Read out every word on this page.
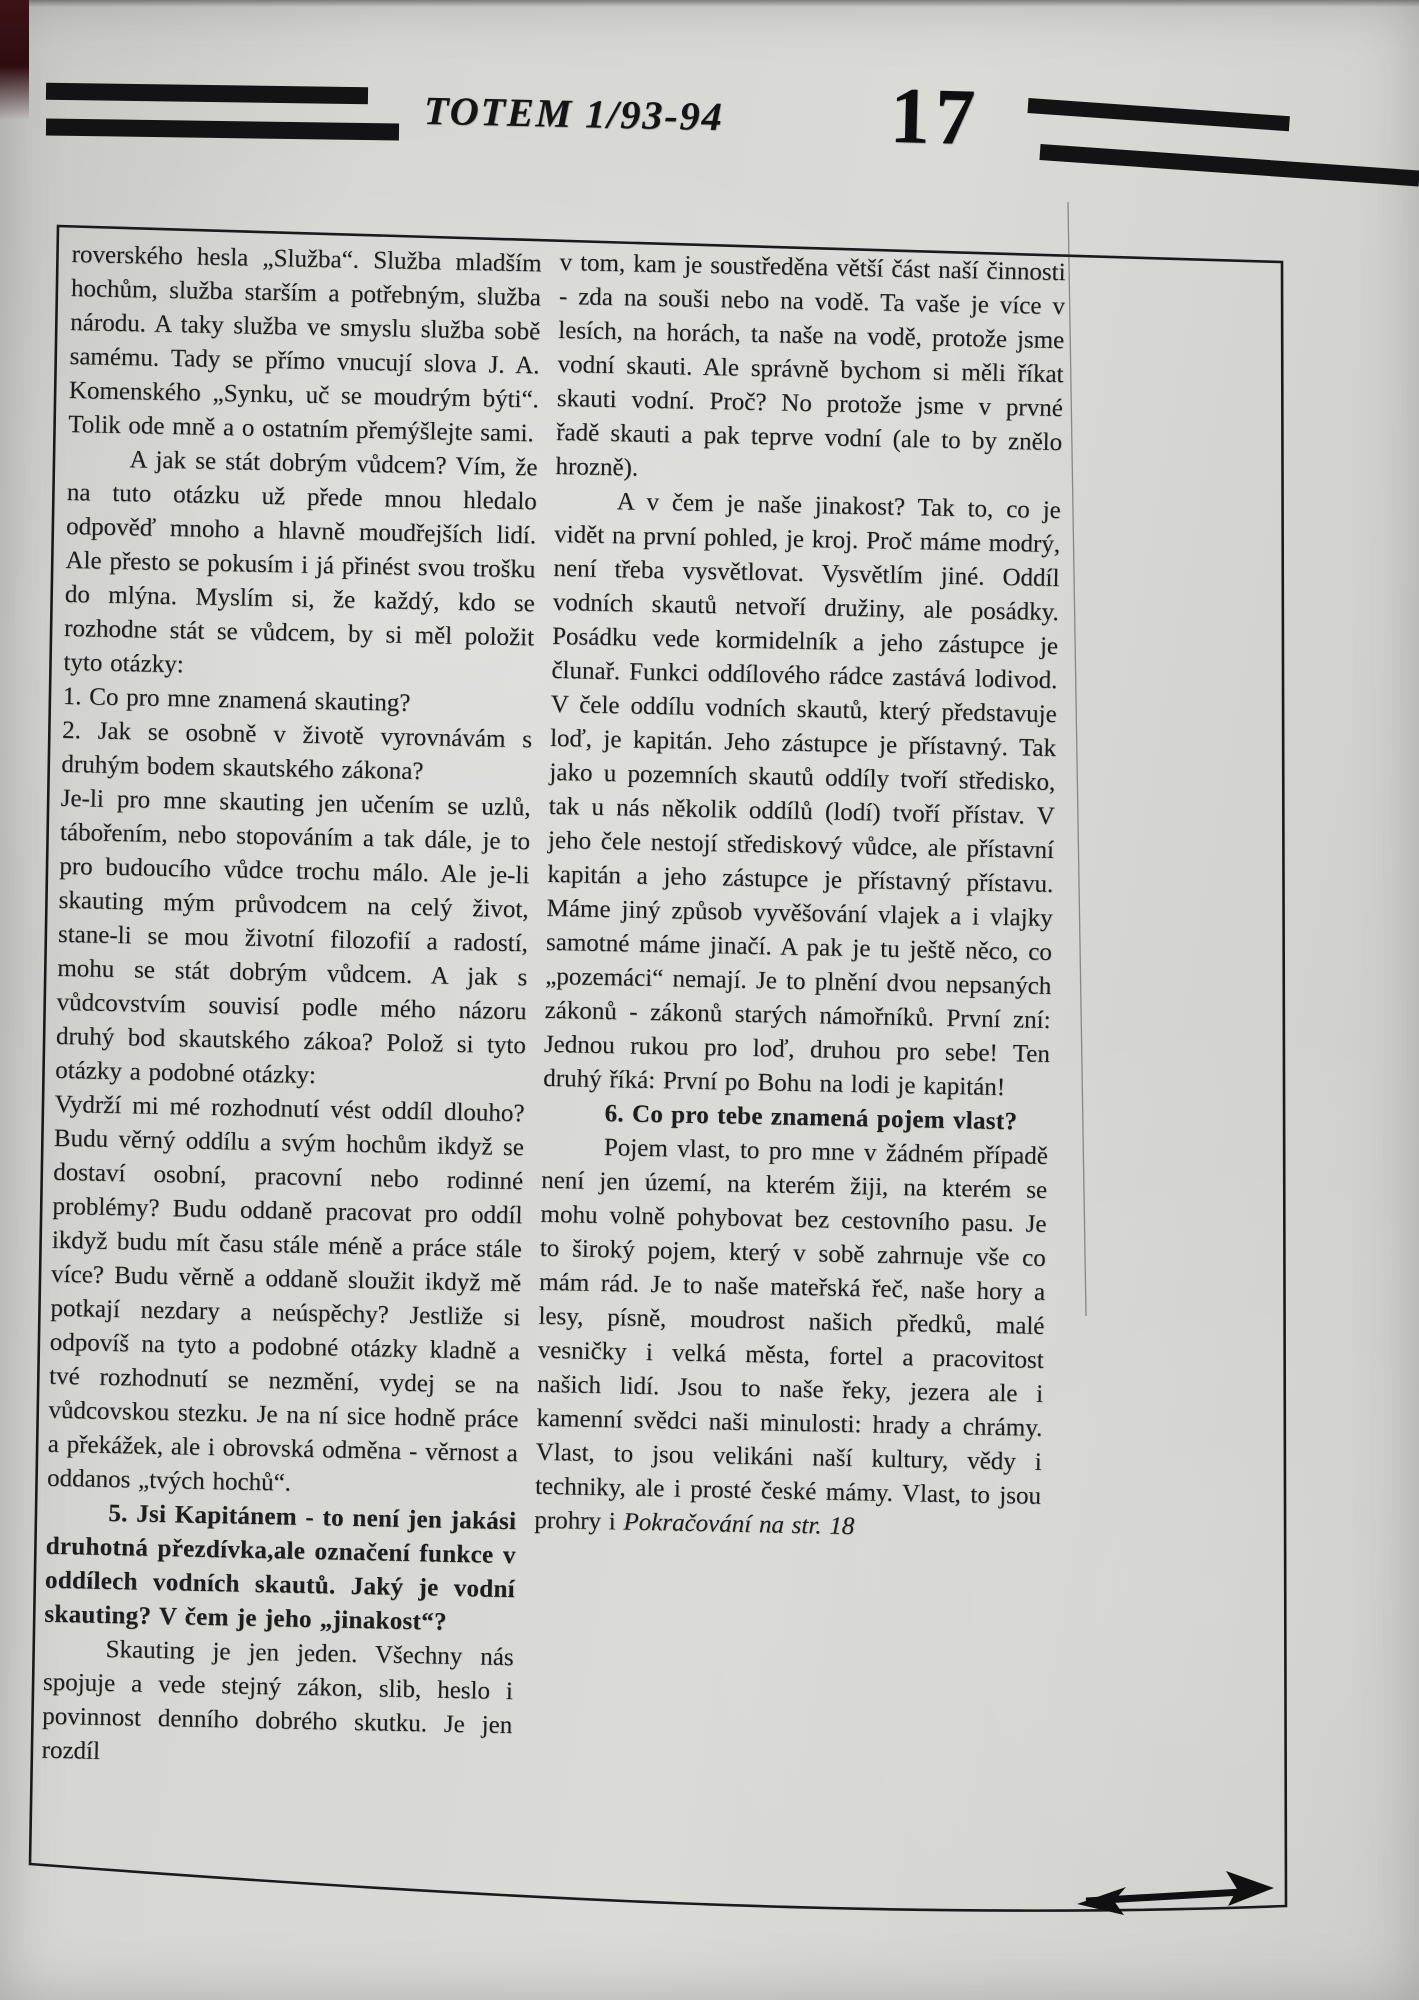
TOTEM 1/93-94 17

roverského hesla „Služba“. Služba mladším hochům, služba starším a potřebným, služba národu. A taky služba ve smyslu služba sobě samému. Tady se přímo vnucují slova J. A. Komenského „Synku, uč se moudrým býti“. Tolik ode mně a o ostatním přemýšlejte sami.

A jak se stát dobrým vůdcem? Vím, že na tuto otázku už přede mnou hledalo odpověď mnoho a hlavně moudřejších lidí. Ale přesto se pokusím i já přinést svou trošku do mlýna. Myslím si, že každý, kdo se rozhodne stát se vůdcem, by si měl položit tyto otázky:

1. Co pro mne znamená skauting?

2. Jak se osobně v životě vyrovnávám s druhým bodem skautského zákona?

Je-li pro mne skauting jen učením se uzlů, tábořením, nebo stopováním a tak dále, je to pro budoucího vůdce trochu málo. Ale je-li skauting mým průvodcem na celý život, stane-li se mou životní filozofií a radostí, mohu se stát dobrým vůdcem. A jak s vůdcovstvím souvisí podle mého názoru druhý bod skautského zákoa? Polož si tyto otázky a podobné otázky:

Vydrží mi mé rozhodnutí vést oddíl dlouho? Budu věrný oddílu a svým hochům ikdyž se dostaví osobní, pracovní nebo rodinné problémy? Budu oddaně pracovat pro oddíl ikdyž budu mít času stále méně a práce stále více? Budu věrně a oddaně sloužit ikdyž mě potkají nezdary a neúspěchy? Jestliže si odpovíš na tyto a podobné otázky kladně a tvé rozhodnutí se nezmění, vydej se na vůdcovskou stezku. Je na ní sice hodně práce a překážek, ale i obrovská odměna - věrnost a oddanos „tvých hochů“.

5. Jsi Kapitánem - to není jen jakási druhotná přezdívka,ale označení funkce v oddílech vodních skautů. Jaký je vodní skauting? V čem je jeho „jinakost“?

Skauting je jen jeden. Všechny nás spojuje a vede stejný zákon, slib, heslo i povinnost denního dobrého skutku. Je jen rozdíl

v tom, kam je soustředěna větší část naší činnosti - zda na souši nebo na vodě. Ta vaše je více v lesích, na horách, ta naše na vodě, protože jsme vodní skauti. Ale správně bychom si měli říkat skauti vodní. Proč? No protože jsme v prvné řadě skauti a pak teprve vodní (ale to by znělo hrozně).

A v čem je naše jinakost? Tak to, co je vidět na první pohled, je kroj. Proč máme modrý, není třeba vysvětlovat. Vysvětlím jiné. Oddíl vodních skautů netvoří družiny, ale posádky. Posádku vede kormidelník a jeho zástupce je člunař. Funkci oddílového rádce zastává lodivod. V čele oddílu vodních skautů, který představuje loď, je kapitán. Jeho zástupce je přístavný. Tak jako u pozemních skautů oddíly tvoří středisko, tak u nás několik oddílů (lodí) tvoří přístav. V jeho čele nestojí střediskový vůdce, ale přístavní kapitán a jeho zástupce je přístavný přístavu. Máme jiný způsob vyvěšování vlajek a i vlajky samotné máme jinačí. A pak je tu ještě něco, co „pozemáci“ nemají. Je to plnění dvou nepsaných zákonů - zákonů starých námořníků. První zní: Jednou rukou pro loď, druhou pro sebe! Ten druhý říká: První po Bohu na lodi je kapitán!

6. Co pro tebe znamená pojem vlast?

Pojem vlast, to pro mne v žádném případě není jen území, na kterém žiji, na kterém se mohu volně pohybovat bez cestovního pasu. Je to široký pojem, který v sobě zahrnuje vše co mám rád. Je to naše mateřská řeč, naše hory a lesy, písně, moudrost našich předků, malé vesničky i velká města, fortel a pracovitost našich lidí. Jsou to naše řeky, jezera ale i kamenní svědci naši minulosti: hrady a chrámy. Vlast, to jsou velikáni naší kultury, vědy i techniky, ale i prosté české mámy. Vlast, to jsou prohry i Pokračování na str. 18
